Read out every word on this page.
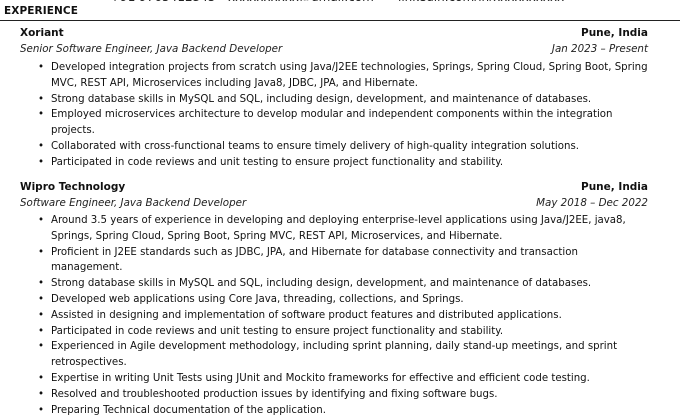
EXPERIENCE
Xoriant	Pune, India
Senior Software Engineer, Java Backend Developer	Jan 2023 – Present
• Developed integration projects from scratch using Java/J2EE technologies, Springs, Spring Cloud, Spring Boot, Spring MVC, REST API, Microservices including Java8, JDBC, JPA, and Hibernate.
• Strong database skills in MySQL and SQL, including design, development, and maintenance of databases.
• Employed microservices architecture to develop modular and independent components within the integration projects.
• Collaborated with cross-functional teams to ensure timely delivery of high-quality integration solutions.
• Participated in code reviews and unit testing to ensure project functionality and stability.
Wipro Technology	Pune, India
Software Engineer, Java Backend Developer	May 2018 – Dec 2022
• Around 3.5 years of experience in developing and deploying enterprise-level applications using Java/J2EE, java8, Springs, Spring Cloud, Spring Boot, Spring MVC, REST API, Microservices, and Hibernate.
• Proficient in J2EE standards such as JDBC, JPA, and Hibernate for database connectivity and transaction management.
• Strong database skills in MySQL and SQL, including design, development, and maintenance of databases.
• Developed web applications using Core Java, threading, collections, and Springs.
• Assisted in designing and implementation of software product features and distributed applications.
• Participated in code reviews and unit testing to ensure project functionality and stability.
• Experienced in Agile development methodology, including sprint planning, daily stand-up meetings, and sprint retrospectives.
• Expertise in writing Unit Tests using JUnit and Mockito frameworks for effective and efficient code testing.
• Resolved and troubleshooted production issues by identifying and fixing software bugs.
• Preparing Technical documentation of the application.
